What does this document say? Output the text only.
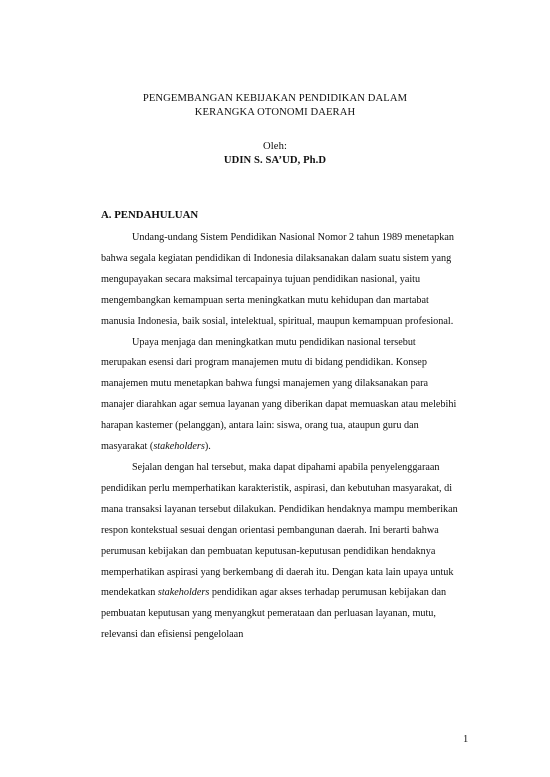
PENGEMBANGAN KEBIJAKAN PENDIDIKAN DALAM
KERANGKA OTONOMI DAERAH
Oleh:
UDIN S. SA’UD, Ph.D
A. PENDAHULUAN

Undang-undang Sistem Pendidikan Nasional Nomor 2 tahun 1989 menetapkan bahwa segala kegiatan pendidikan di Indonesia dilaksanakan dalam suatu sistem yang mengupayakan secara maksimal tercapainya tujuan pendidikan nasional, yaitu mengembangkan kemampuan serta meningkatkan mutu kehidupan dan martabat manusia Indonesia, baik sosial, intelektual, spiritual, maupun kemampuan profesional.

Upaya menjaga dan meningkatkan mutu pendidikan nasional tersebut merupakan esensi dari program manajemen mutu di bidang pendidikan. Konsep manajemen mutu menetapkan bahwa fungsi manajemen yang dilaksanakan para manajer diarahkan agar semua layanan yang diberikan dapat memuaskan atau melebihi harapan kastemer (pelanggan), antara lain: siswa, orang tua, ataupun guru dan masyarakat (stakeholders).

Sejalan dengan hal tersebut, maka dapat dipahami apabila penyelenggaraan pendidikan perlu memperhatikan karakteristik, aspirasi, dan kebutuhan masyarakat, di mana transaksi layanan tersebut dilakukan. Pendidikan hendaknya mampu memberikan respon kontekstual sesuai dengan orientasi pembangunan daerah. Ini berarti bahwa perumusan kebijakan dan pembuatan keputusan-keputusan pendidikan hendaknya memperhatikan aspirasi yang berkembang di daerah itu. Dengan kata lain upaya untuk mendekatkan stakeholders pendidikan agar akses terhadap perumusan kebijakan dan pembuatan keputusan yang menyangkut pemerataan dan perluasan layanan, mutu, relevansi dan efisiensi pengelolaan

1
